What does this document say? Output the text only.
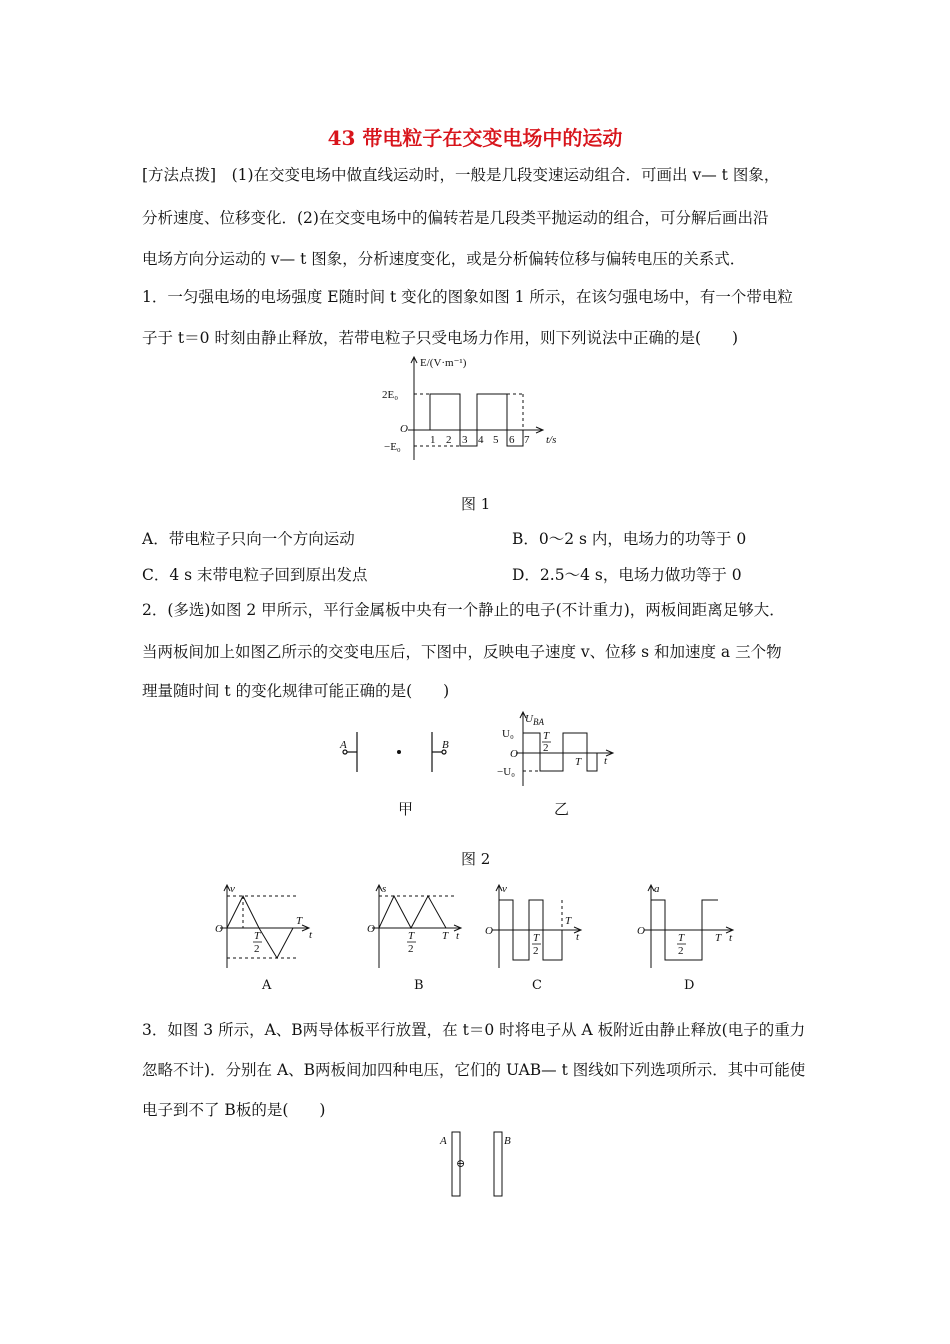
43 带电粒子在交变电场中的运动
[方法点拨]　(1)在交变电场中做直线运动时，一般是几段变速运动组合．可画出 v— t 图象，
分析速度、位移变化．(2)在交变电场中的偏转若是几段类平抛运动的组合，可分解后画出沿
电场方向分运动的 v— t 图象，分析速度变化，或是分析偏转位移与偏转电压的关系式．
1．一匀强电场的电场强度 E随时间 t 变化的图象如图 1 所示，在该匀强电场中，有一个带电粒
子于 t＝0 时刻由静止释放，若带电粒子只受电场力作用，则下列说法中正确的是(　　)
E/(V·m⁻¹)
2E₀
O
−E₀
t/s
1 2 3 4 5 6 7
图 1
A．带电粒子只向一个方向运动	B．0～2 s 内，电场力的功等于 0
C．4 s 末带电粒子回到原出发点	D．2.5～4 s，电场力做功等于 0
2．(多选)如图 2 甲所示，平行金属板中央有一个静止的电子(不计重力)，两板间距离足够大．
当两板间加上如图乙所示的交变电压后，下图中，反映电子速度 v、位移 s 和加速度 a 三个物
理量随时间 t 的变化规律可能正确的是(　　)
A	B
$U_{BA}$
U₀
O
−U₀
T
2
T t
甲	乙
图 2
v
O
T
2
T
t
A
s
O
T
2
T t
B
v
O
T
2
T
t
C
a
O
T
2
T t
D
3．如图 3 所示，A、B两导体板平行放置，在 t＝0 时将电子从 A 板附近由静止释放(电子的重力
忽略不计)．分别在 A、B两板间加四种电压，它们的 UAB— t 图线如下列选项所示．其中可能使
电子到不了 B板的是(　　)
A	B
⊖
